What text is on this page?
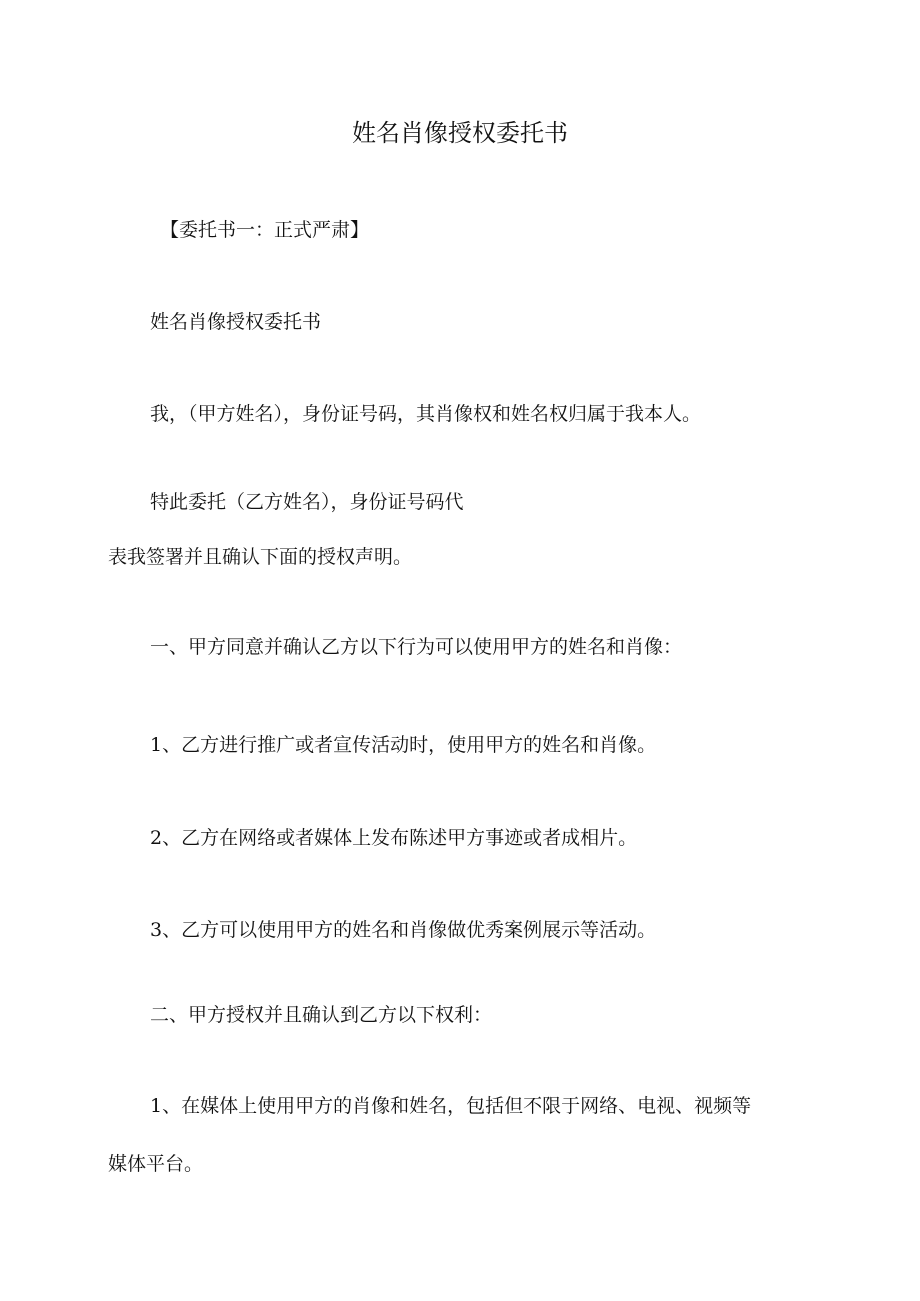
姓名肖像授权委托书
【委托书一：正式严肃】
姓名肖像授权委托书
我，（甲方姓名），身份证号码，其肖像权和姓名权归属于我本人。
特此委托（乙方姓名），身份证号码代
表我签署并且确认下面的授权声明。
一、甲方同意并确认乙方以下行为可以使用甲方的姓名和肖像：
1、乙方进行推广或者宣传活动时，使用甲方的姓名和肖像。
2、乙方在网络或者媒体上发布陈述甲方事迹或者成相片。
3、乙方可以使用甲方的姓名和肖像做优秀案例展示等活动。
二、甲方授权并且确认到乙方以下权利：
1、在媒体上使用甲方的肖像和姓名，包括但不限于网络、电视、视频等
媒体平台。
